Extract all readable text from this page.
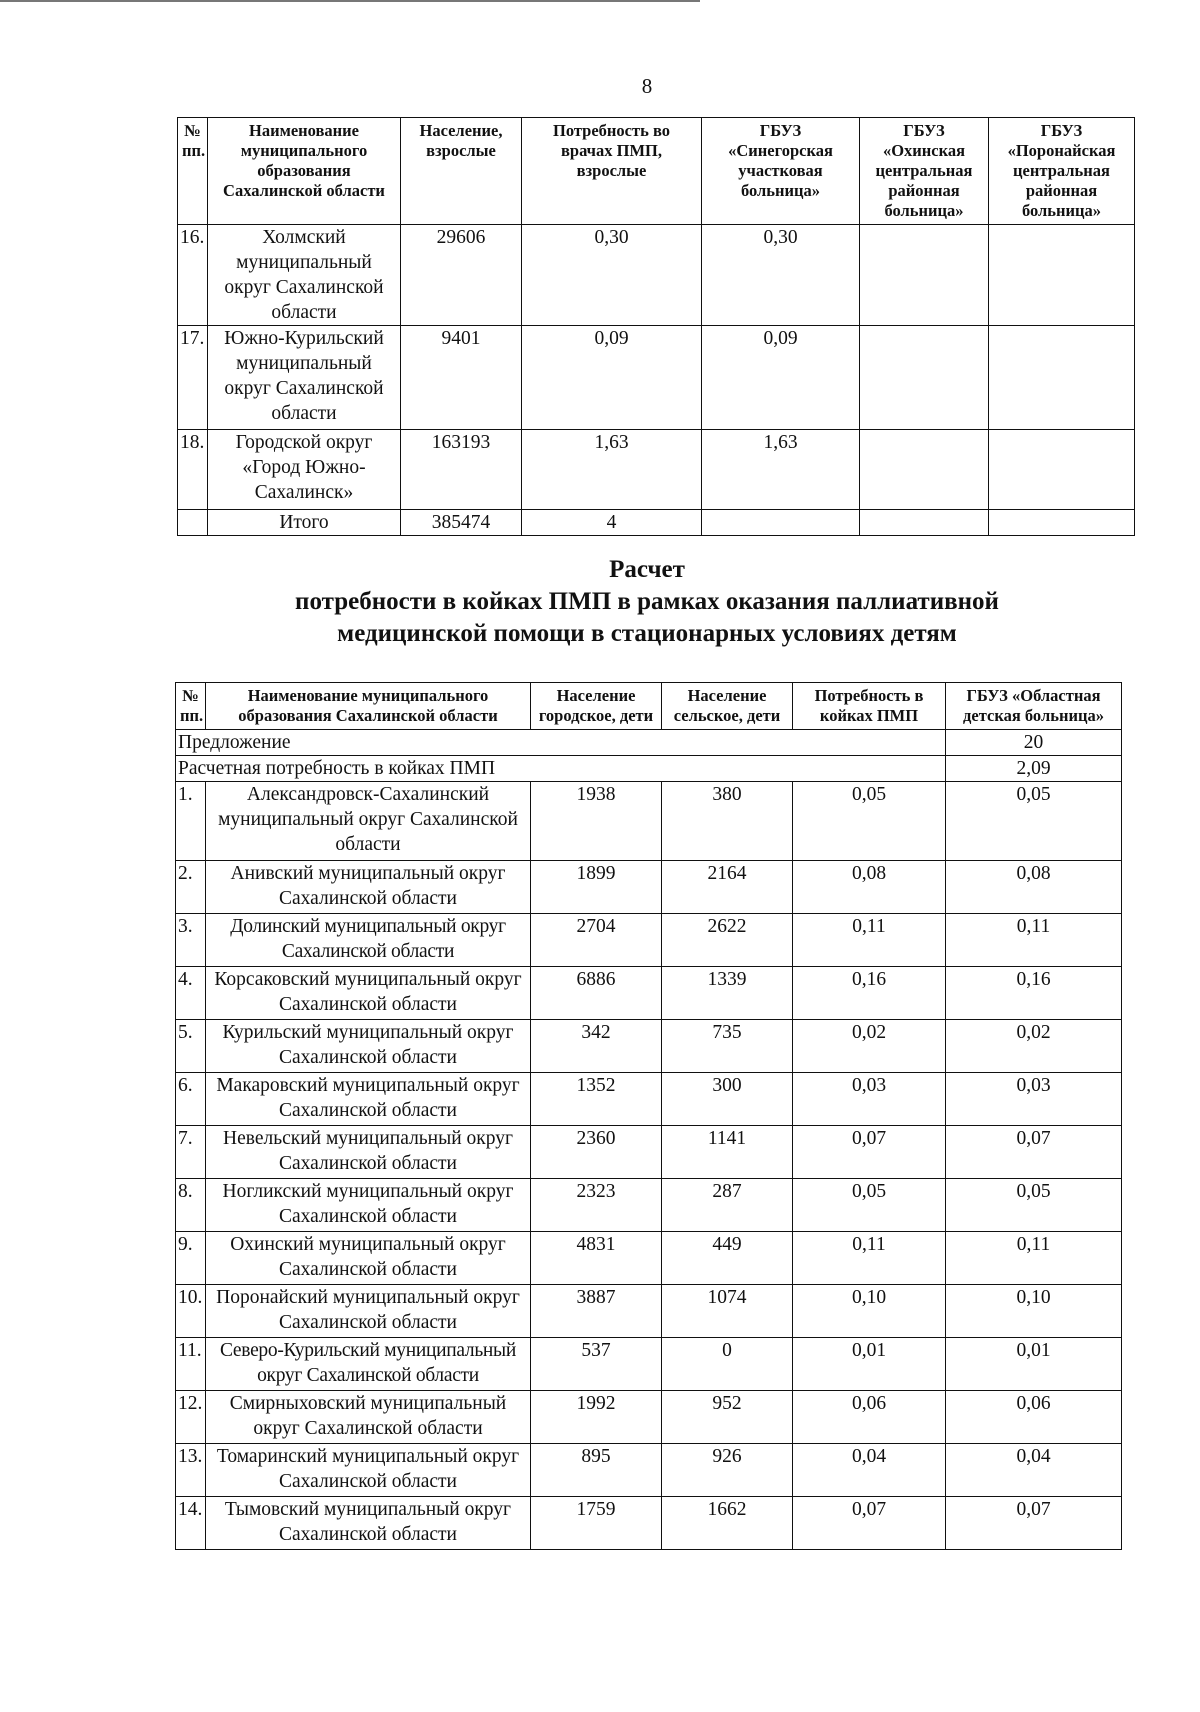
8
№ пп.	Наименование муниципального образования Сахалинской области	Население, взрослые	Потребность во врачах ПМП, взрослые	ГБУЗ «Синегорская участковая больница»	ГБУЗ «Охинская центральная районная больница»	ГБУЗ «Поронайская центральная районная больница»
16.	Холмский муниципальный округ Сахалинской области	29606	0,30	0,30		
17.	Южно-Курильский муниципальный округ Сахалинской области	9401	0,09	0,09		
18.	Городской округ «Город Южно-Сахалинск»	163193	1,63	1,63		
	Итого	385474	4			
Расчет
потребности в койках ПМП в рамках оказания паллиативной
медицинской помощи в стационарных условиях детям
№ пп.	Наименование муниципального образования Сахалинской области	Население городское, дети	Население сельское, дети	Потребность в койках ПМП	ГБУЗ «Областная детская больница»
Предложение					20
Расчетная потребность в койках ПМП					2,09
1.	Александровск-Сахалинский муниципальный округ Сахалинской области	1938	380	0,05	0,05
2.	Анивский муниципальный округ Сахалинской области	1899	2164	0,08	0,08
3.	Долинский муниципальный округ Сахалинской области	2704	2622	0,11	0,11
4.	Корсаковский муниципальный округ Сахалинской области	6886	1339	0,16	0,16
5.	Курильский муниципальный округ Сахалинской области	342	735	0,02	0,02
6.	Макаровский муниципальный округ Сахалинской области	1352	300	0,03	0,03
7.	Невельский муниципальный округ Сахалинской области	2360	1141	0,07	0,07
8.	Ногликский муниципальный округ Сахалинской области	2323	287	0,05	0,05
9.	Охинский муниципальный округ Сахалинской области	4831	449	0,11	0,11
10.	Поронайский муниципальный округ Сахалинской области	3887	1074	0,10	0,10
11.	Северо-Курильский муниципальный округ Сахалинской области	537	0	0,01	0,01
12.	Смирныховский муниципальный округ Сахалинской области	1992	952	0,06	0,06
13.	Томаринский муниципальный округ Сахалинской области	895	926	0,04	0,04
14.	Тымовский муниципальный округ Сахалинской области	1759	1662	0,07	0,07
